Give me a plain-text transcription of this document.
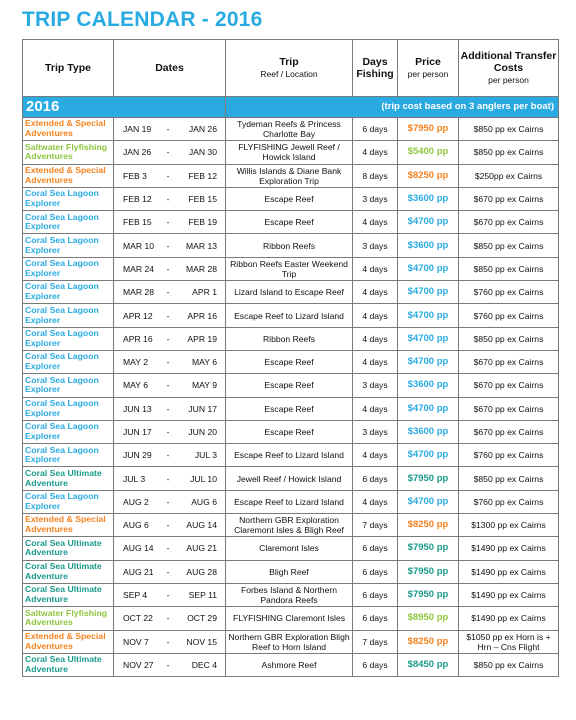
TRIP CALENDAR - 2016
Trip Type	Dates	Trip
Reef / Location	Days Fishing	Price
per person	Additional Transfer Costs
per person

2016		(trip cost based on 3 anglers per boat)			
Extended & Special Adventures	JAN 19 - JAN 26	Tydeman Reefs & Princess Charlotte Bay	6 days	$7950 pp	$850 pp ex Cairns
Saltwater Flyfishing Adventures	JAN 26 - JAN 30	FLYFISHING Jewell Reef / Howick Island	4 days	$5400 pp	$850 pp ex Cairns
Extended & Special Adventures	FEB 3 - FEB 12	Willis Islands & Diane Bank Exploration Trip	8 days	$8250 pp	$250pp ex Cairns
Coral Sea Lagoon Explorer	FEB 12 - FEB 15	Escape Reef	3 days	$3600 pp	$670 pp ex Cairns
Coral Sea Lagoon Explorer	FEB 15 - FEB 19	Escape Reef	4 days	$4700 pp	$670 pp ex Cairns
Coral Sea Lagoon Explorer	MAR 10 - MAR 13	Ribbon Reefs	3 days	$3600 pp	$850 pp ex Cairns
Coral Sea Lagoon Explorer	MAR 24 - MAR 28	Ribbon Reefs Easter Weekend Trip	4 days	$4700 pp	$850 pp ex Cairns
Coral Sea Lagoon Explorer	MAR 28 - APR 1	Lizard Island to Escape Reef	4 days	$4700 pp	$760 pp ex Cairns
Coral Sea Lagoon Explorer	APR 12 - APR 16	Escape Reef to Lizard Island	4 days	$4700 pp	$760 pp ex Cairns
Coral Sea Lagoon Explorer	APR 16 - APR 19	Ribbon Reefs	4 days	$4700 pp	$850 pp ex Cairns
Coral Sea Lagoon Explorer	MAY 2 - MAY 6	Escape Reef	4 days	$4700 pp	$670 pp ex Cairns
Coral Sea Lagoon Explorer	MAY 6 - MAY 9	Escape Reef	3 days	$3600 pp	$670 pp ex Cairns
Coral Sea Lagoon Explorer	JUN 13 - JUN 17	Escape Reef	4 days	$4700 pp	$670 pp ex Cairns
Coral Sea Lagoon Explorer	JUN 17 - JUN 20	Escape Reef	3 days	$3600 pp	$670 pp ex Cairns
Coral Sea Lagoon Explorer	JUN 29 - JUL 3	Escape Reef to Lizard Island	4 days	$4700 pp	$760 pp ex Cairns
Coral Sea Ultimate Adventure	JUL 3 - JUL 10	Jewell Reef / Howick Island	6 days	$7950 pp	$850 pp ex Cairns
Coral Sea Lagoon Explorer	AUG 2 - AUG 6	Escape Reef to Lizard Island	4 days	$4700 pp	$760 pp ex Cairns
Extended & Special Adventures	AUG 6 - AUG 14	Northern GBR Exploration Claremont Isles & Bligh Reef	7 days	$8250 pp	$1300 pp ex Cairns
Coral Sea Ultimate Adventure	AUG 14 - AUG 21	Claremont Isles	6 days	$7950 pp	$1490 pp ex Cairns
Coral Sea Ultimate Adventure	AUG 21 - AUG 28	Bligh Reef	6 days	$7950 pp	$1490 pp ex Cairns
Coral Sea Ultimate Adventure	SEP 4 - SEP 11	Forbes Island & Northern Pandora Reefs	6 days	$7950 pp	$1490 pp ex Cairns
Saltwater Flyfishing Adventures	OCT 22 - OCT 29	FLYFISHING Claremont Isles	6 days	$8950 pp	$1490 pp ex Cairns
Extended & Special Adventures	NOV 7 - NOV 15	Northern GBR Exploration Bligh Reef to Horn Island	7 days	$8250 pp	$1050 pp ex Horn is + Hrn – Cns Flight
Coral Sea Ultimate Adventure	NOV 27 - DEC 4	Ashmore Reef	6 days	$8450 pp	$850 pp ex Cairns
